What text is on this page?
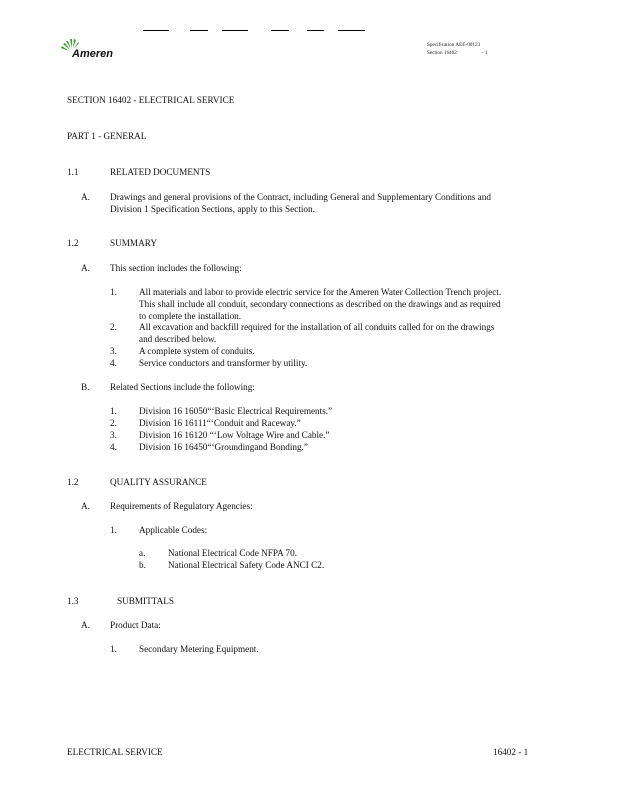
Ameren
Specification AEE-00123
Section 16402	- 1
SECTION 16402 - ELECTRICAL SERVICE
PART 1 - GENERAL
1.1	RELATED DOCUMENTS
A. Drawings and general provisions of the Contract, including General and Supplementary Conditions and
Division 1 Specification Sections, apply to this Section.
1.2	SUMMARY
A. This section includes the following:
1. All materials and labor to provide electric service for the Ameren Water Collection Trench project.
This shall include all conduit, secondary connections as described on the drawings and as required
to complete the installation.
2. All excavation and backfill required for the installation of all conduits called for on the drawings
and described below.
3. A complete system of conduits.
4. Service conductors and transformer by utility.
B. Related Sections include the following:
1. Division 16 16050“‘Basic Electrical Requirements.”
2. Division 16 16111“‘Conduit and Raceway.”
3. Division 16 16120 “‘Low Voltage Wire and Cable.”
4. Division 16 16450“‘Groundingand Bonding.”
1.2	QUALITY ASSURANCE
A. Requirements of Regulatory Agencies:
1. Applicable Codes:
a. National Electrical Code NFPA 70.
b. National Electrical Safety Code ANCI C2.
1.3	SUBMITTALS
A. Product Data:
1. Secondary Metering Equipment.
ELECTRICAL SERVICE	16402 - 1
